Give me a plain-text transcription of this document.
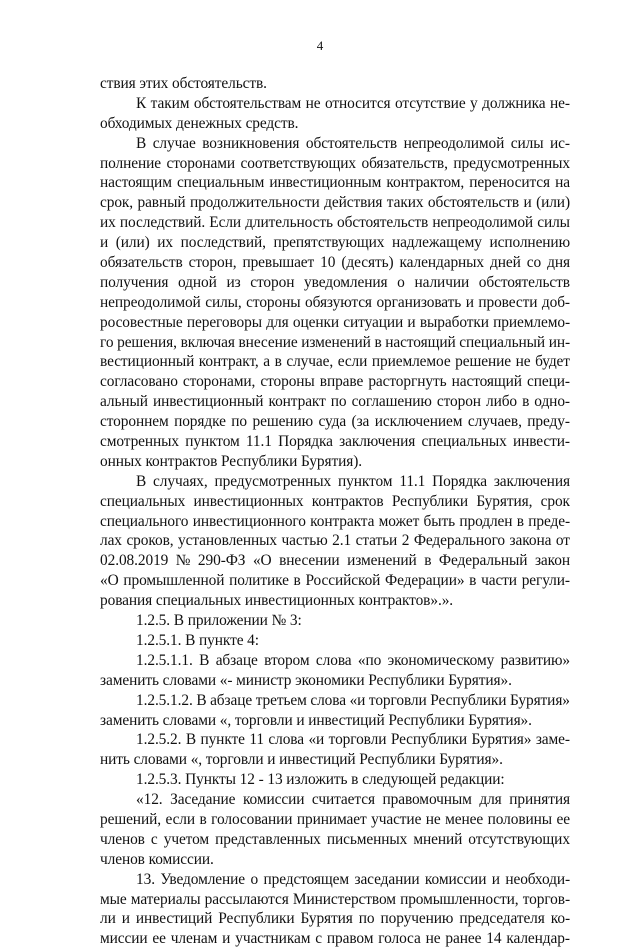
4
ствия этих обстоятельств.
К таким обстоятельствам не относится отсутствие у должника не-
обходимых денежных средств.
В случае возникновения обстоятельств непреодолимой силы ис-
полнение сторонами соответствующих обязательств, предусмотренных
настоящим специальным инвестиционным контрактом, переносится на
срок, равный продолжительности действия таких обстоятельств и (или)
их последствий. Если длительность обстоятельств непреодолимой силы
и (или) их последствий, препятствующих надлежащему исполнению
обязательств сторон, превышает 10 (десять) календарных дней со дня
получения одной из сторон уведомления о наличии обстоятельств
непреодолимой силы, стороны обязуются организовать и провести доб-
росовестные переговоры для оценки ситуации и выработки приемлемо-
го решения, включая внесение изменений в настоящий специальный ин-
вестиционный контракт, а в случае, если приемлемое решение не будет
согласовано сторонами, стороны вправе расторгнуть настоящий специ-
альный инвестиционный контракт по соглашению сторон либо в одно-
стороннем порядке по решению суда (за исключением случаев, преду-
смотренных пунктом 11.1 Порядка заключения специальных инвести-
онных контрактов Республики Бурятия).
В случаях, предусмотренных пунктом 11.1 Порядка заключения
специальных инвестиционных контрактов Республики Бурятия, срок
специального инвестиционного контракта может быть продлен в преде-
лах сроков, установленных частью 2.1 статьи 2 Федерального закона от
02.08.2019 № 290-ФЗ «О внесении изменений в Федеральный закон
«О промышленной политике в Российской Федерации» в части регули-
рования специальных инвестиционных контрактов».».
1.2.5. В приложении № 3:
1.2.5.1. В пункте 4:
1.2.5.1.1. В абзаце втором слова «по экономическому развитию»
заменить словами «- министр экономики Республики Бурятия».
1.2.5.1.2. В абзаце третьем слова «и торговли Республики Бурятия»
заменить словами «, торговли и инвестиций Республики Бурятия».
1.2.5.2. В пункте 11 слова «и торговли Республики Бурятия» заме-
нить словами «, торговли и инвестиций Республики Бурятия».
1.2.5.3. Пункты 12 - 13 изложить в следующей редакции:
«12. Заседание комиссии считается правомочным для принятия
решений, если в голосовании принимает участие не менее половины ее
членов с учетом представленных письменных мнений отсутствующих
членов комиссии.
13. Уведомление о предстоящем заседании комиссии и необходи-
мые материалы рассылаются Министерством промышленности, торгов-
ли и инвестиций Республики Бурятия по поручению председателя ко-
миссии ее членам и участникам с правом голоса не ранее 14 календар-
